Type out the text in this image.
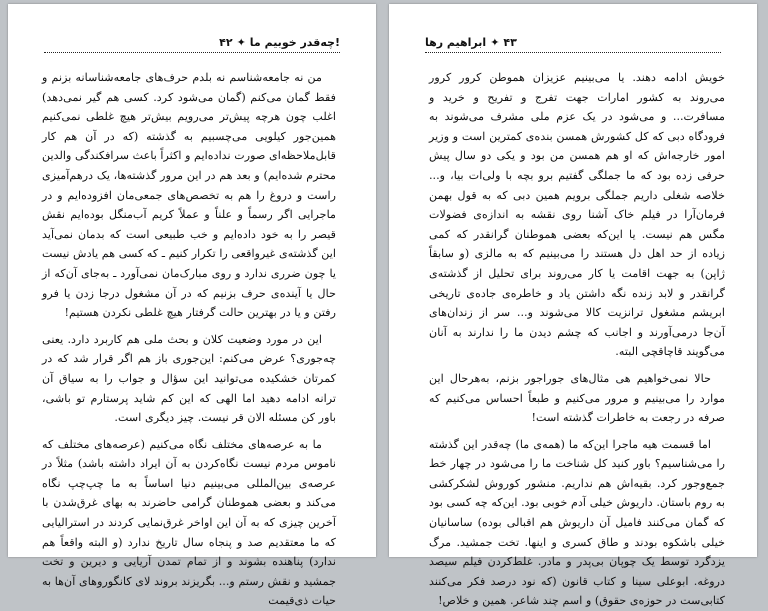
۴۲ ✦ چه‌قدر خوبیم ما!

من نه جامعه‌شناسم نه بلدم حرف‌های جامعه‌شناسانه بزنم و فقط گمان می‌کنم (گمان می‌شود کرد. کسی هم گیر نمی‌دهد) اغلب چون هرچه پیش‌تر می‌رویم بیش‌تر هیچ غلطی نمی‌کنیم همین‌جور کیلویی می‌چسبیم به گذشته (که در آن هم کار قابل‌ملاحظه‌ای صورت نداده‌ایم و اکثراً باعث سرافکندگی والدین محترم شده‌ایم) و بعد هم در این مرور گذشته‌ها، یک درهم‌آمیزی راست و دروغ را هم به تخصص‌های جمعی‌مان افزوده‌ایم و در ماجرایی اگر رسماً و علناً و عملاً کریم آب‌منگل بوده‌ایم نقش قیصر را به خود داده‌ایم و خب طبیعی است که بدمان نمی‌آید این گذشته‌ی غیرواقعی را تکرار کنیم ـ که کسی هم یادش نیست یا چون ضرری ندارد و روی مبارک‌مان نمی‌آورد ـ به‌جای آن‌که از حال یا آینده‌ی حرف بزنیم که در آن مشغول درجا زدن یا فرو رفتن و یا در بهترین حالت گرفتار هیچ غلطی نکردن هستیم!

این در مورد وضعیت کلان و بحث ملی هم کاربرد دارد. یعنی چه‌جوری؟ عرض می‌کنم: این‌جوری باز هم اگر قرار شد که در کمرتان خشکیده می‌توانید این سؤال و جواب را به سیاق آن ترانه ادامه دهید اما الهی که این کم شاید پرستارم تو باشی، باور کن مسئله الان قر نیست. چیز دیگری است.

ما به عرصه‌های مختلف نگاه می‌کنیم (عرصه‌های مختلف که ناموس مردم نیست نگاه‌کردن به آن ایراد داشته باشد) مثلاً در عرصه‌ی بین‌المللی می‌بینیم دنیا اساساً به ما چپ‌چپ نگاه می‌کند و بعضی هموطنان گرامی حاضرند به بهای غرق‌شدن با آخرین چیزی که به آن این اواخر غرق‌نمایی کردند در استرالیایی که ما معتقدیم صد و پنجاه سال تاریخ ندارد (و البته واقعاً هم ندارد) پناهنده بشوند و از تمام تمدن آریایی و دیرین و تخت جمشید و نقش رستم و... بگریزند بروند لای کانگوروهای آن‌ها به حیات ذی‌قیمت

ابراهیم رها ✦ ۴۳

خویش ادامه دهند. یا می‌بینیم عزیزان هموطن کرور کرور می‌روند به کشور امارات جهت تفرج و تفریح و خرید و مسافرت... و می‌شود در یک عزم ملی مشرف می‌شوند به فرودگاه دبی که کل کشورش همسن بنده‌ی کمترین است و وزیر امور خارجه‌اش که او هم همسن من بود و یکی دو سال پیش حرفی زده بود که ما جملگی گفتیم برو بچه با ولی‌ات بیا، و... خلاصه شغلی داریم جملگی برویم همین دبی که به قول بهمن فرمان‌آرا در فیلم خاک آشنا روی نقشه به اندازه‌ی فضولات مگس هم نیست. یا این‌که بعضی هموطنان گرانقدر که کمی زیاده از حد اهل دل هستند را می‌بینیم که به مالزی (و سابقاً ژاپن) به جهت اقامت یا کار می‌روند برای تحلیل از گذشته‌ی گرانقدر و لابد زنده نگه داشتن یاد و خاطره‌ی جاده‌ی تاریخی ابریشم مشغول ترانزیت کالا می‌شوند و... سر از زندان‌های آن‌جا درمی‌آورند و اجانب که چشم دیدن ما را ندارند به آنان می‌گویند قاچاقچی البته.

حالا نمی‌خواهیم هی مثال‌های جوراجور بزنم، به‌هرحال این موارد را می‌بینیم و مرور می‌کنیم و طبعاً احساس می‌کنیم که صرفه در رجعت به خاطرات گذشته است!

اما قسمت هیه ماجرا این‌که ما (همه‌ی ما) چه‌قدر این گذشته را می‌شناسیم؟ باور کنید کل شناخت ما را می‌شود در چهار خط جمع‌وجور کرد. بقیه‌اش هم نداریم. منشور کوروش لشکرکشی به روم باستان. داریوش خیلی آدم خوبی بود. این‌که چه کسی بود که گمان می‌کنند فامیل آن داریوش هم اقبالی بوده) ساسانیان خیلی باشکوه بودند و طاق کسری و اینها. تخت جمشید. مرگ یزدگرد توسط یک چوپان بی‌پدر و مادر. غلط‌کردن فیلم سیصد دروغه. ابوعلی سینا و کتاب قانون (که نود درصد فکر می‌کنند کتابی‌ست در حوزه‌ی حقوق) و اسم چند شاعر. همین و خلاص!
